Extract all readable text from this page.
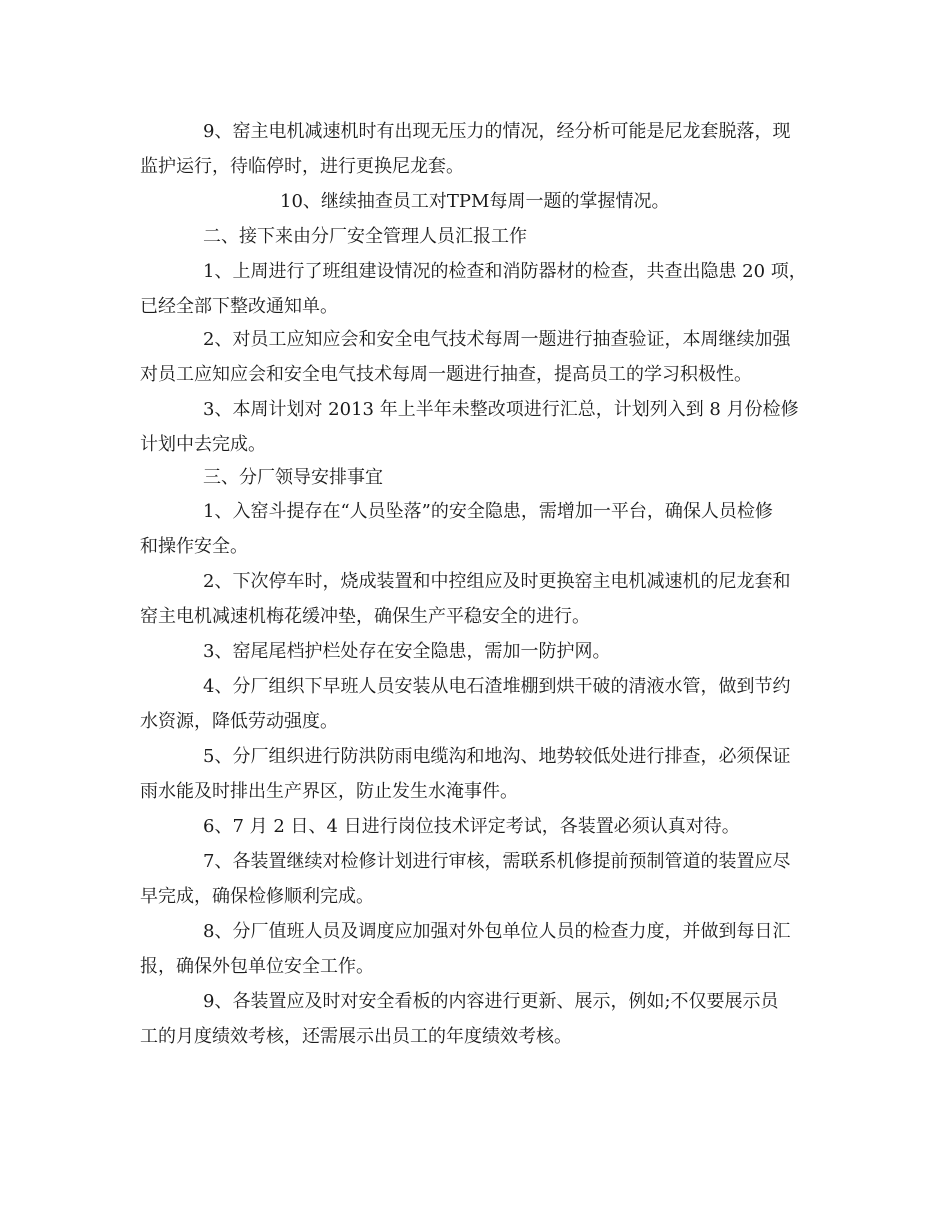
9、窑主电机减速机时有出现无压力的情况，经分析可能是尼龙套脱落，现
监护运行，待临停时，进行更换尼龙套。
10、继续抽查员工对TPM每周一题的掌握情况。
二、接下来由分厂安全管理人员汇报工作
1、上周进行了班组建设情况的检查和消防器材的检查，共查出隐患 20 项，
已经全部下整改通知单。
2、对员工应知应会和安全电气技术每周一题进行抽查验证，本周继续加强
对员工应知应会和安全电气技术每周一题进行抽查，提高员工的学习积极性。
3、本周计划对 2013 年上半年未整改项进行汇总，计划列入到 8 月份检修
计划中去完成。
三、分厂领导安排事宜
1、入窑斗提存在“人员坠落”的安全隐患，需增加一平台，确保人员检修
和操作安全。
2、下次停车时，烧成装置和中控组应及时更换窑主电机减速机的尼龙套和
窑主电机减速机梅花缓冲垫，确保生产平稳安全的进行。
3、窑尾尾档护栏处存在安全隐患，需加一防护网。
4、分厂组织下早班人员安装从电石渣堆棚到烘干破的清液水管，做到节约
水资源，降低劳动强度。
5、分厂组织进行防洪防雨电缆沟和地沟、地势较低处进行排查，必须保证
雨水能及时排出生产界区，防止发生水淹事件。
6、7 月 2 日、4 日进行岗位技术评定考试，各装置必须认真对待。
7、各装置继续对检修计划进行审核，需联系机修提前预制管道的装置应尽
早完成，确保检修顺利完成。
8、分厂值班人员及调度应加强对外包单位人员的检查力度，并做到每日汇
报，确保外包单位安全工作。
9、各装置应及时对安全看板的内容进行更新、展示，例如;不仅要展示员
工的月度绩效考核，还需展示出员工的年度绩效考核。
